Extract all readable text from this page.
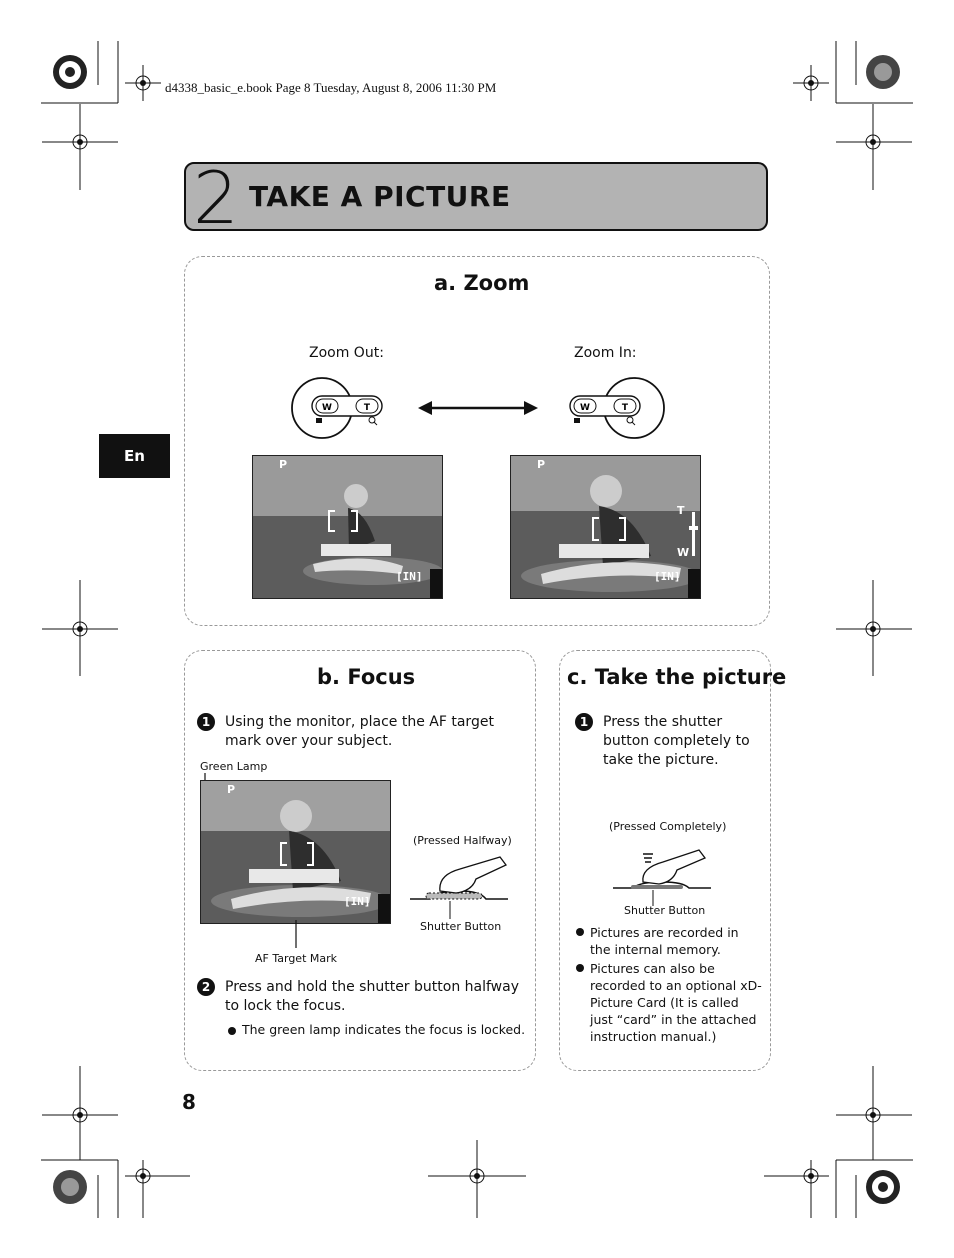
d4338_basic_e.book Page 8 Tuesday, August 8, 2006 11:30 PM
2 TAKE A PICTURE
En
a. Zoom
Zoom Out:	Zoom In:
W	T	W	T
P
[IN]
P
T
W
[IN]
b. Focus
1	Using the monitor, place the AF target mark over your subject.
Green Lamp
P
[IN]
AF Target Mark
(Pressed Halfway)
Shutter Button
2	Press and hold the shutter button halfway to lock the focus.
The green lamp indicates the focus is locked.
c. Take the picture
1	Press the shutter button completely to take the picture.
(Pressed Completely)
Shutter Button
Pictures are recorded in the internal memory.
Pictures can also be recorded to an optional xD-Picture Card (It is called just “card” in the attached instruction manual.)
8
